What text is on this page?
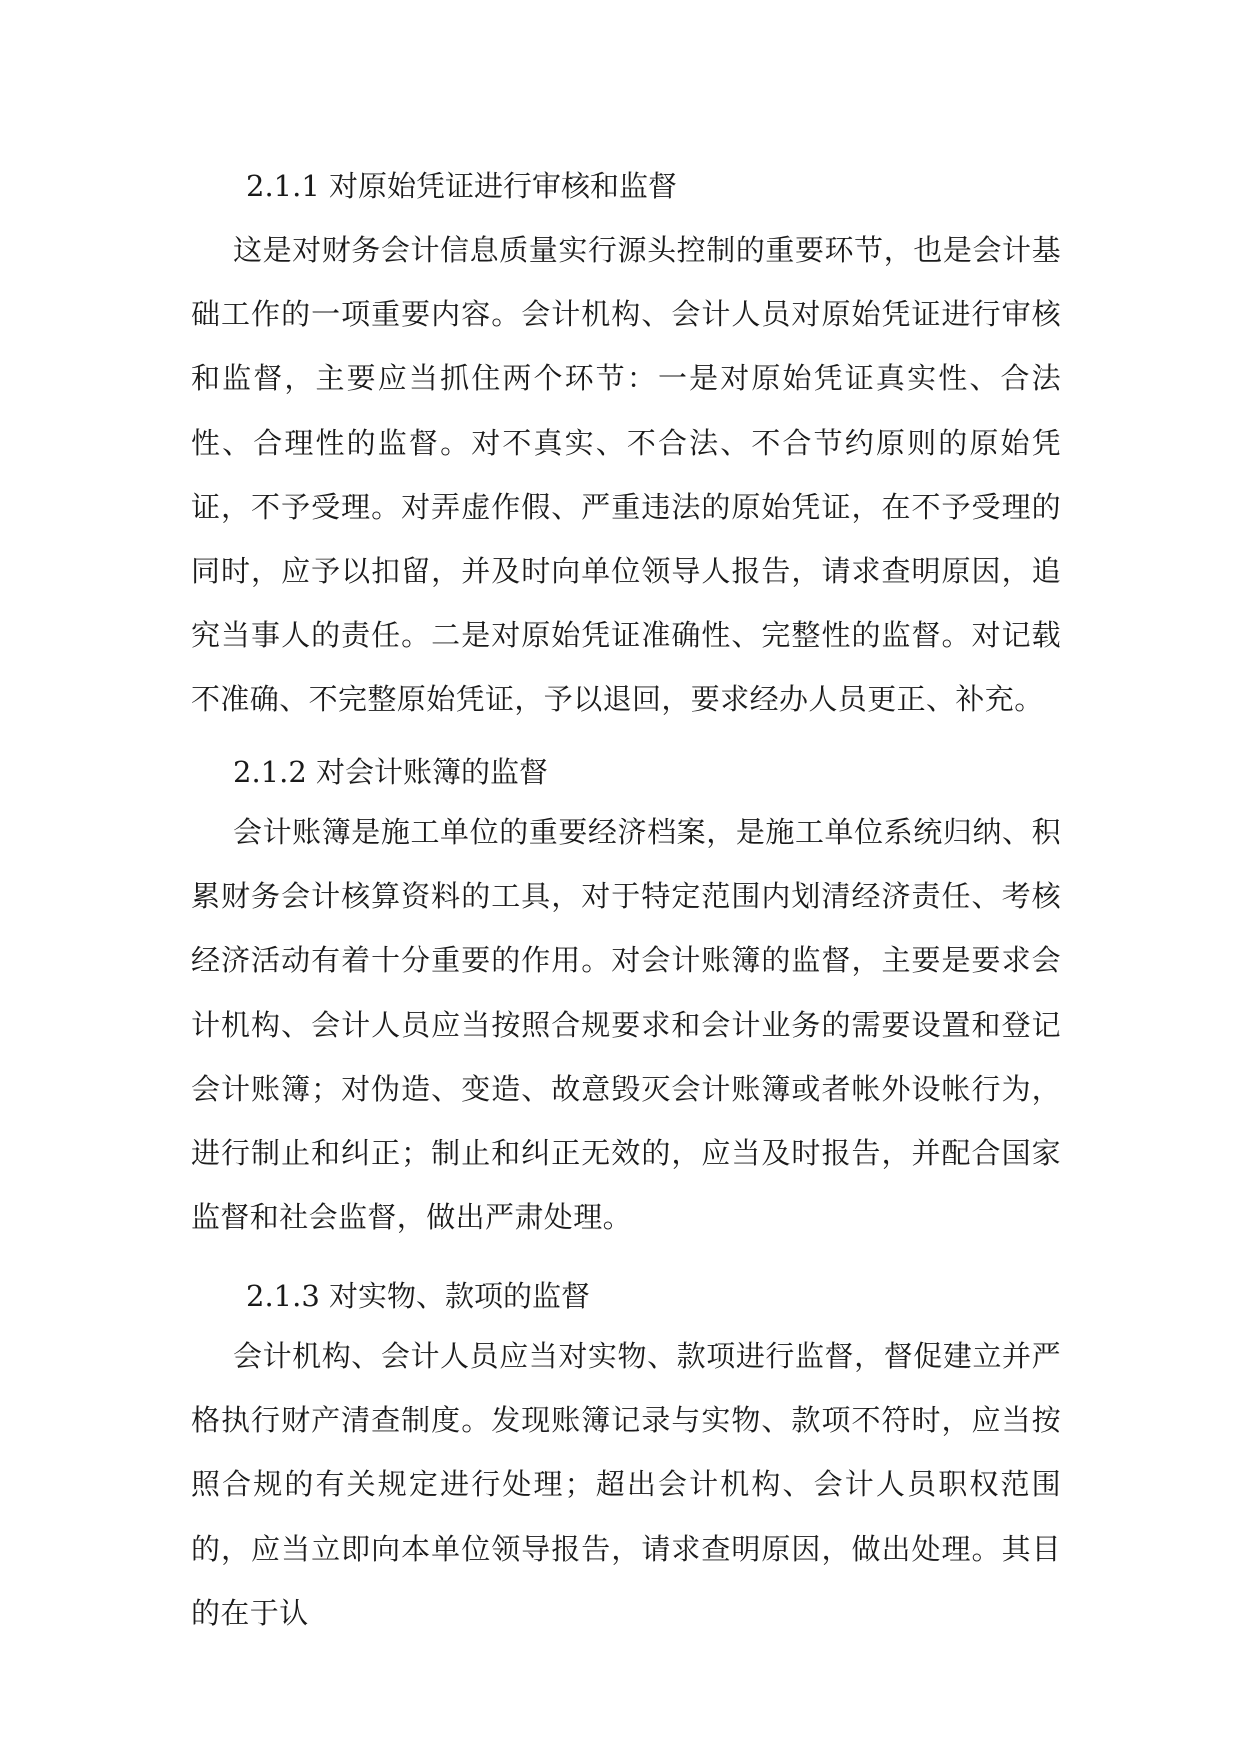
2.1.1 对原始凭证进行审核和监督

这是对财务会计信息质量实行源头控制的重要环节，也是会计基础工作的一项重要内容。会计机构、会计人员对原始凭证进行审核和监督，主要应当抓住两个环节：一是对原始凭证真实性、合法性、合理性的监督。对不真实、不合法、不合节约原则的原始凭证，不予受理。对弄虚作假、严重违法的原始凭证，在不予受理的同时，应予以扣留，并及时向单位领导人报告，请求查明原因，追究当事人的责任。二是对原始凭证准确性、完整性的监督。对记载不准确、不完整原始凭证，予以退回，要求经办人员更正、补充。

2.1.2 对会计账簿的监督

会计账簿是施工单位的重要经济档案，是施工单位系统归纳、积累财务会计核算资料的工具，对于特定范围内划清经济责任、考核经济活动有着十分重要的作用。对会计账簿的监督，主要是要求会计机构、会计人员应当按照合规要求和会计业务的需要设置和登记会计账簿；对伪造、变造、故意毁灭会计账簿或者帐外设帐行为，进行制止和纠正；制止和纠正无效的，应当及时报告，并配合国家监督和社会监督，做出严肃处理。

2.1.3 对实物、款项的监督

会计机构、会计人员应当对实物、款项进行监督，督促建立并严格执行财产清查制度。发现账簿记录与实物、款项不符时，应当按照合规的有关规定进行处理；超出会计机构、会计人员职权范围的，应当立即向本单位领导报告，请求查明原因，做出处理。其目的在于认
